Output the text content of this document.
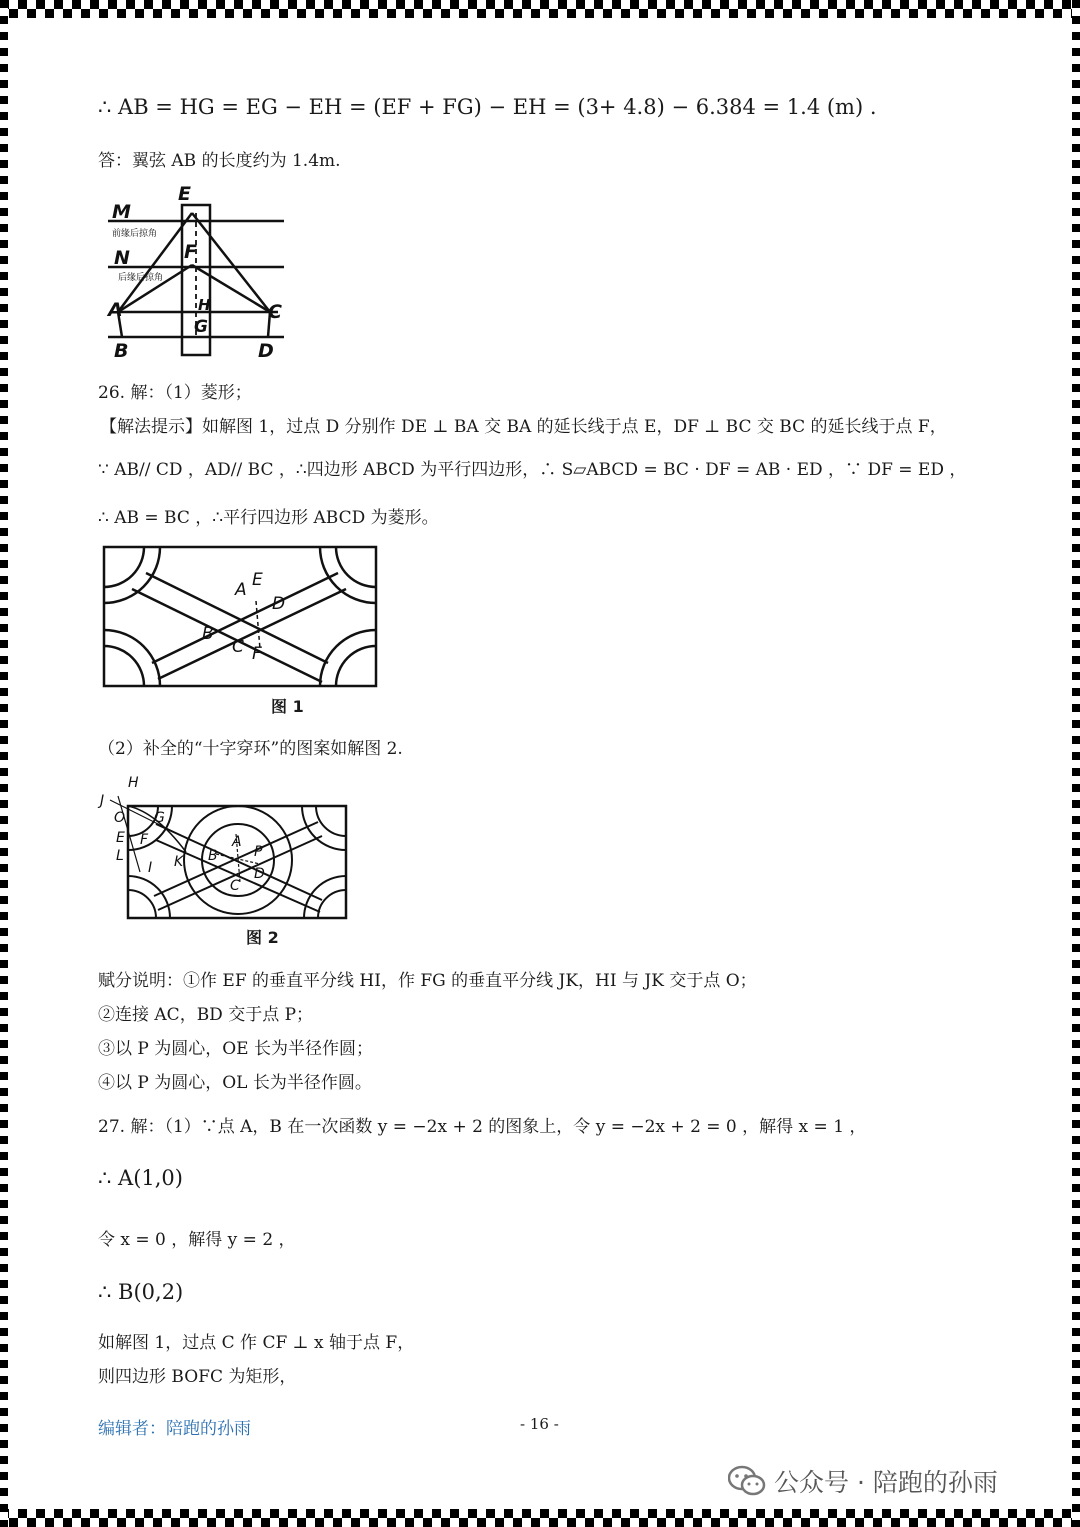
∴ AB = HG = EG − EH = (EF + FG) − EH = (3+ 4.8) − 6.384 = 1.4 (m) .
答：翼弦 AB 的长度约为 1.4m.
M
N
E
F
A	C
B	D
H
G
前缘后掠角
后缘后掠角
26. 解：（1）菱形；
【解法提示】如解图 1，过点 D 分别作 DE ⊥ BA 交 BA 的延长线于点 E，DF ⊥ BC 交 BC 的延长线于点 F，
∵ AB// CD ，AD// BC ，∴四边形 ABCD 为平行四边形，∴ S▱ABCD = BC · DF = AB · ED ，∵ DF = ED ，
∴ AB = BC ，∴平行四边形 ABCD 为菱形。
A E
D
B
C F
图 1
（2）补全的“十字穿环”的图案如解图 2.
H
J
O
E F
G
L
I K
A
B	P
D
C
图 2
赋分说明：①作 EF 的垂直平分线 HI，作 FG 的垂直平分线 JK，HI 与 JK 交于点 O；
②连接 AC，BD 交于点 P；
③以 P 为圆心，OE 长为半径作圆；
④以 P 为圆心，OL 长为半径作圆。
27. 解：（1）∵点 A，B 在一次函数 y = −2x + 2 的图象上，令 y = −2x + 2 = 0 ，解得 x = 1 ，
∴ A(1,0)
令 x = 0 ，解得 y = 2 ，
∴ B(0,2)
如解图 1，过点 C 作 CF ⊥ x 轴于点 F，
则四边形 BOFC 为矩形，
编辑者：陪跑的孙雨	- 16 -
公众号 · 陪跑的孙雨
